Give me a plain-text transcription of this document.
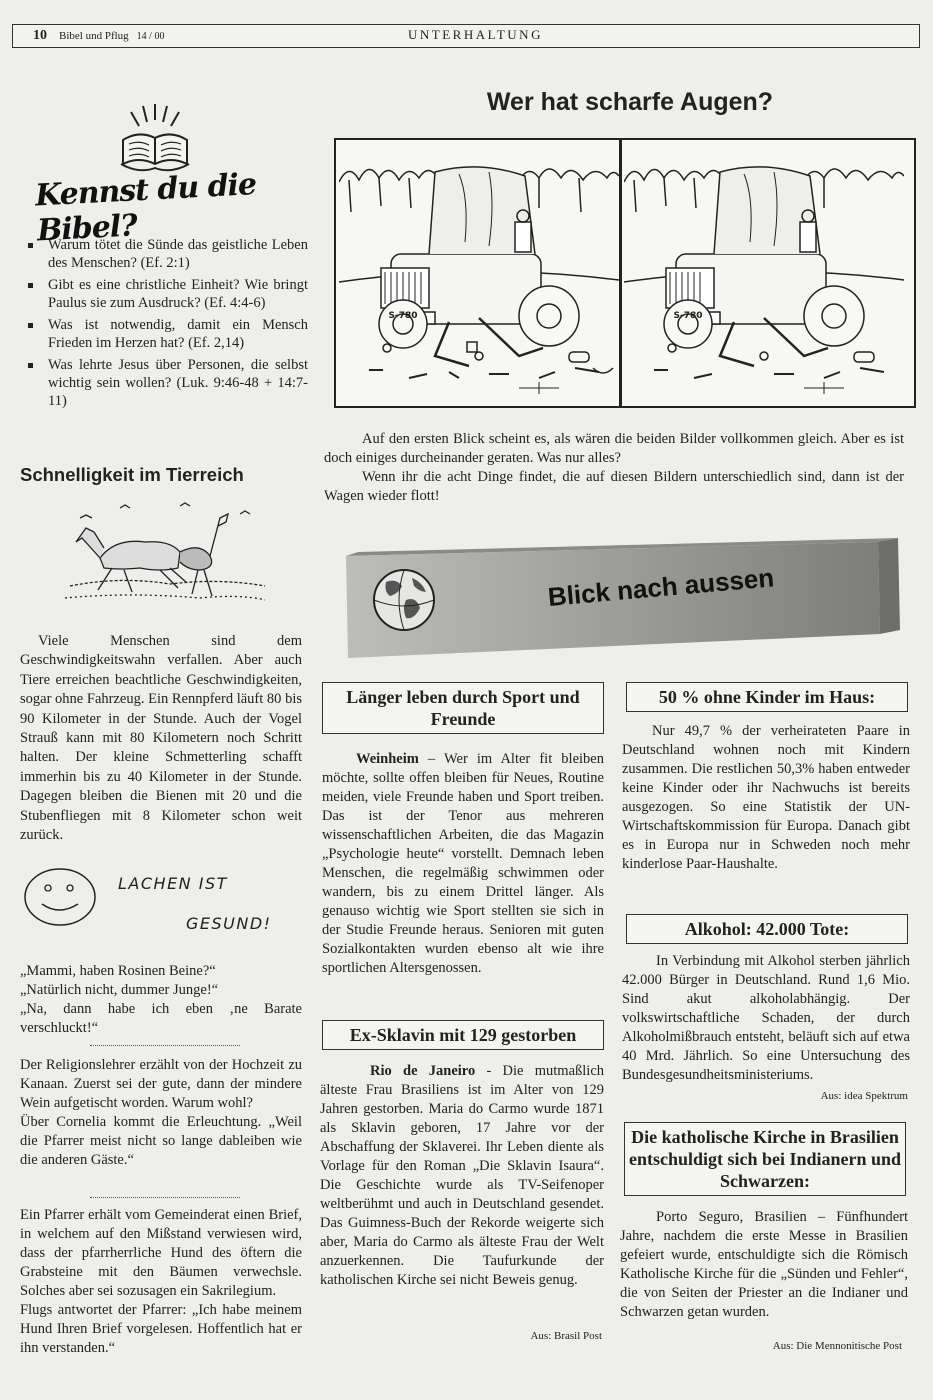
10 Bibel und Pflug 14 / 00	UNTERHALTUNG
Kennst du die Bibel?
Warum tötet die Sünde das geistliche Leben des Menschen? (Ef. 2:1)
Gibt es eine christliche Einheit? Wie bringt Paulus sie zum Ausdruck? (Ef. 4:4-6)
Was ist notwendig, damit ein Mensch Frieden im Herzen hat? (Ef. 2,14)
Was lehrte Jesus über Personen, die selbst wichtig sein wollen? (Luk. 9:46-48 + 14:7-11)
Schnelligkeit im Tierreich

Viele Menschen sind dem Geschwindigkeitswahn verfallen. Aber auch Tiere erreichen beachtliche Geschwindigkeiten, sogar ohne Fahrzeug. Ein Rennpferd läuft 80 bis 90 Kilometer in der Stunde. Auch der Vogel Strauß kann mit 80 Kilometern noch Schritt halten. Der kleine Schmetterling schafft immerhin bis zu 40 Kilometer in der Stunde. Dagegen bleiben die Bienen mit 20 und die Stubenfliegen mit 8 Kilometer schon weit zurück.

LACHEN IST
GESUND!

„Mammi, haben Rosinen Beine?“

„Natürlich nicht, dummer Junge!“

„Na, dann habe ich eben ‚ne Barate verschluckt!“

Der Religionslehrer erzählt von der Hochzeit zu Kanaan. Zuerst sei der gute, dann der mindere Wein aufgetischt worden. Warum wohl?

Über Cornelia kommt die Erleuchtung. „Weil die Pfarrer meist nicht so lange dableiben wie die anderen Gäste.“

Ein Pfarrer erhält vom Gemeinderat einen Brief, in welchem auf den Mißstand verwiesen wird, dass der pfarrherrliche Hund des öftern die Grabsteine mit den Bäumen verwechsle. Solches aber sei sozusagen ein Sakrilegium.

Flugs antwortet der Pfarrer: „Ich habe meinem Hund Ihren Brief vorgelesen. Hoffentlich hat er ihn verstanden.“

Wer hat scharfe Augen?
S-780	S-780

Auf den ersten Blick scheint es, als wären die beiden Bilder vollkommen gleich. Aber es ist doch einiges durcheinander geraten. Was nur alles?

Wenn ihr die acht Dinge findet, die auf diesen Bildern unterschiedlich sind, dann ist der Wagen wieder flott!

Blick nach aussen
Länger leben durch Sport und Freunde

Weinheim – Wer im Alter fit bleiben möchte, sollte offen bleiben für Neues, Routine meiden, viele Freunde haben und Sport treiben. Das ist der Tenor aus mehreren wissenschaftlichen Arbeiten, die das Magazin „Psychologie heute“ vorstellt. Demnach leben Menschen, die regelmäßig schwimmen oder wandern, bis zu einem Drittel länger. Als genauso wichtig wie Sport stellten sie sich in der Studie Freunde heraus. Senioren mit guten Sozialkontakten wurden ebenso alt wie ihre sportlichen Altersgenossen.

Ex-Sklavin mit 129 gestorben

Rio de Janeiro - Die mutmaßlich älteste Frau Brasiliens ist im Alter von 129 Jahren gestorben. Maria do Carmo wurde 1871 als Sklavin geboren, 17 Jahre vor der Abschaffung der Sklaverei. Ihr Leben diente als Vorlage für den Roman „Die Sklavin Isaura“. Die Geschichte wurde als TV-Seifenoper weltberühmt und auch in Deutschland gesendet. Das Guimness-Buch der Rekorde weigerte sich aber, Maria do Carmo als älteste Frau der Welt anzuerkennen. Die Taufurkunde der katholischen Kirche sei nicht Beweis genug.

Aus: Brasil Post
50 % ohne Kinder im Haus:

Nur 49,7 % der verheirateten Paare in Deutschland wohnen noch mit Kindern zusammen. Die restlichen 50,3% haben entweder keine Kinder oder ihr Nachwuchs ist bereits ausgezogen. So eine Statistik der UN-Wirtschaftskommission für Europa. Danach gibt es in Europa nur in Schweden noch mehr kinderlose Paar-Haushalte.

Alkohol: 42.000 Tote:

In Verbindung mit Alkohol sterben jährlich 42.000 Bürger in Deutschland. Rund 1,6 Mio. Sind akut alkoholabhängig. Der volkswirtschaftliche Schaden, der durch Alkoholmißbrauch entsteht, beläuft sich auf etwa 40 Mrd. Jährlich. So eine Untersuchung des Bundesgesundheitsministeriums.

Aus: idea Spektrum
Die katholische Kirche in Brasilien entschuldigt sich bei Indianern und Schwarzen:

Porto Seguro, Brasilien – Fünfhundert Jahre, nachdem die erste Messe in Brasilien gefeiert wurde, entschuldigte sich die Römisch Katholische Kirche für die „Sünden und Fehler“, die von Seiten der Priester an die Indianer und Schwarzen getan wurden.

Aus: Die Mennonitische Post
